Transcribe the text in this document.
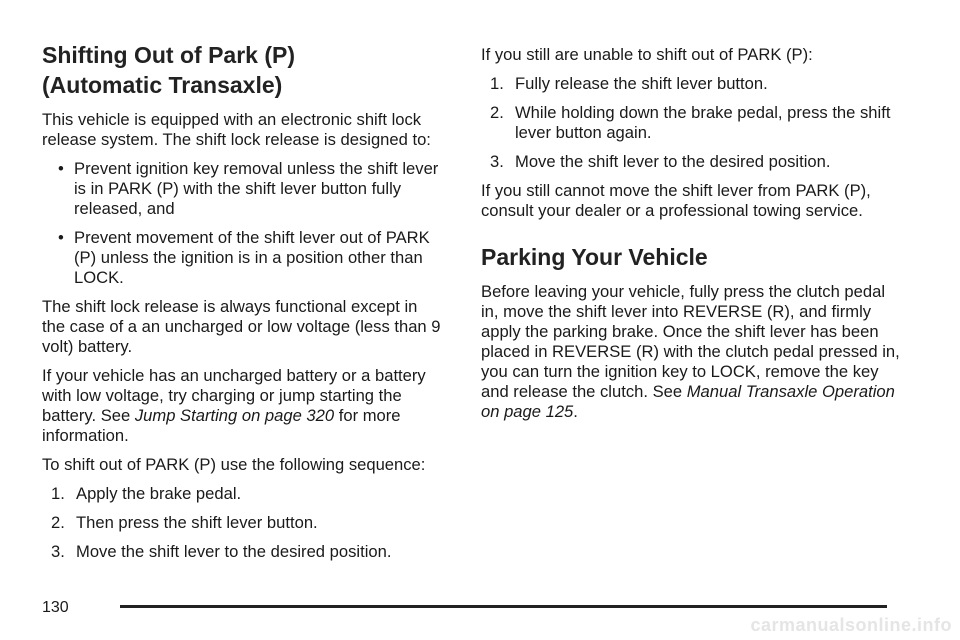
Shifting Out of Park (P)
(Automatic Transaxle)

This vehicle is equipped with an electronic shift lock release system. The shift lock release is designed to:

• Prevent ignition key removal unless the shift lever is in PARK (P) with the shift lever button fully released, and
• Prevent movement of the shift lever out of PARK (P) unless the ignition is in a position other than LOCK.

The shift lock release is always functional except in the case of a an uncharged or low voltage (less than 9 volt) battery.

If your vehicle has an uncharged battery or a battery with low voltage, try charging or jump starting the battery. See Jump Starting on page 320 for more information.

To shift out of PARK (P) use the following sequence:

1. Apply the brake pedal.
2. Then press the shift lever button.
3. Move the shift lever to the desired position.

If you still are unable to shift out of PARK (P):

1. Fully release the shift lever button.
2. While holding down the brake pedal, press the shift lever button again.
3. Move the shift lever to the desired position.

If you still cannot move the shift lever from PARK (P), consult your dealer or a professional towing service.

Parking Your Vehicle

Before leaving your vehicle, fully press the clutch pedal in, move the shift lever into REVERSE (R), and firmly apply the parking brake. Once the shift lever has been placed in REVERSE (R) with the clutch pedal pressed in, you can turn the ignition key to LOCK, remove the key and release the clutch. See Manual Transaxle Operation on page 125.

130
carmanualsonline.info
